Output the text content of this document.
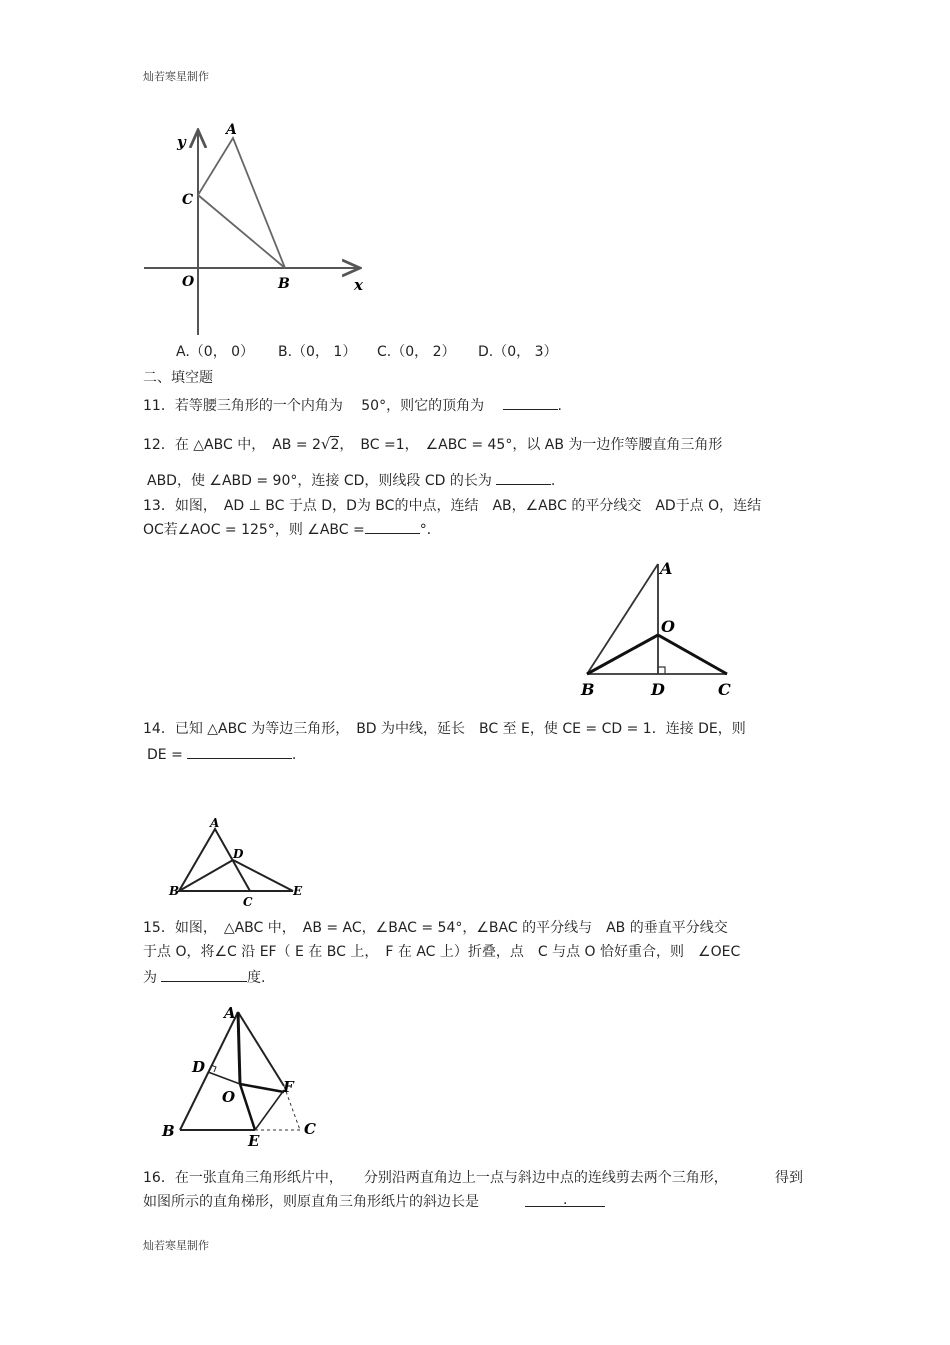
灿若寒星制作
y
A
C
O	B	x
A.（0， 0） B.（0， 1） C.（0， 2） D.（0， 3）
二、填空题
11．若等腰三角形的一个内角为 　50°，则它的顶角为 　	.
12．在 △ABC 中，　AB = 2√2，　BC =1，　∠ABC = 45°，以 AB 为一边作等腰直角三角形
ABD，使 ∠ABD = 90°，连接 CD，则线段 CD 的长为	.
13．如图，　AD ⊥ BC 于点 D，D为 BC的中点，连结　AB，∠ABC 的平分线交　AD于点 O，连结
OC若∠AOC = 125°，则 ∠ABC =	°．
A
O
B	D	C
14．已知 △ABC 为等边三角形，　BD 为中线，延长　BC 至 E，使 CE = CD = 1．连接 DE，则
DE =	.
A
D
B
C
E
15．如图，　△ABC 中，　AB = AC，∠BAC = 54°，∠BAC 的平分线与　AB 的垂直平分线交
于点 O，将∠C 沿 EF（ E 在 BC 上，　F 在 AC 上）折叠，点　C 与点 O 恰好重合，则　∠OEC
为	度.
A
D
O
F
B
E
C
16．在一张直角三角形纸片中，　　分别沿两直角边上一点与斜边中点的连线剪去两个三角形，	得到
如图所示的直角梯形，则原直角三角形纸片的斜边长是	.
灿若寒星制作
